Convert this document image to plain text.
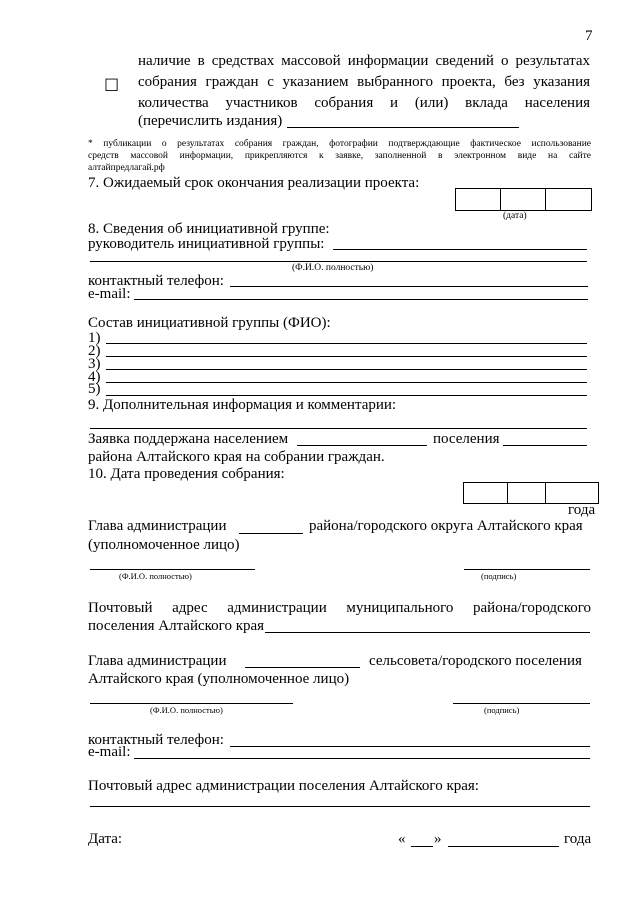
7
☐
наличие в средствах массовой информации сведений о результатах
собрания граждан с указанием выбранного проекта, без указания
количества участников собрания и (или) вклада населения
(перечислить издания)
* публикации о результатах собрания граждан, фотографии подтверждающие фактическое использование
средств массовой информации, прикрепляются к заявке, заполненной в электронном виде на сайте
алтайпредлагай.рф
7. Ожидаемый срок окончания реализации проекта:
(дата)
8. Сведения об инициативной группе:
руководитель инициативной группы:
(Ф.И.О. полностью)
контактный телефон:
e-mail:
Состав инициативной группы (ФИО):
1)
2)
3)
4)
5)
9. Дополнительная информация и комментарии:
Заявка поддержана населением	поселения
района Алтайского края на собрании граждан.
10. Дата проведения собрания:
года
Глава администрации	района/городского округа Алтайского края
(уполномоченное лицо)
(Ф.И.О. полностью)	(подпись)
Почтовый адрес администрации муниципального района/городского
поселения Алтайского края
Глава администрации	сельсовета/городского поселения
Алтайского края (уполномоченное лицо)
(Ф.И.О. полностью)	(подпись)
контактный телефон:
e-mail:
Почтовый адрес администрации поселения Алтайского края:
Дата:	« »	года
